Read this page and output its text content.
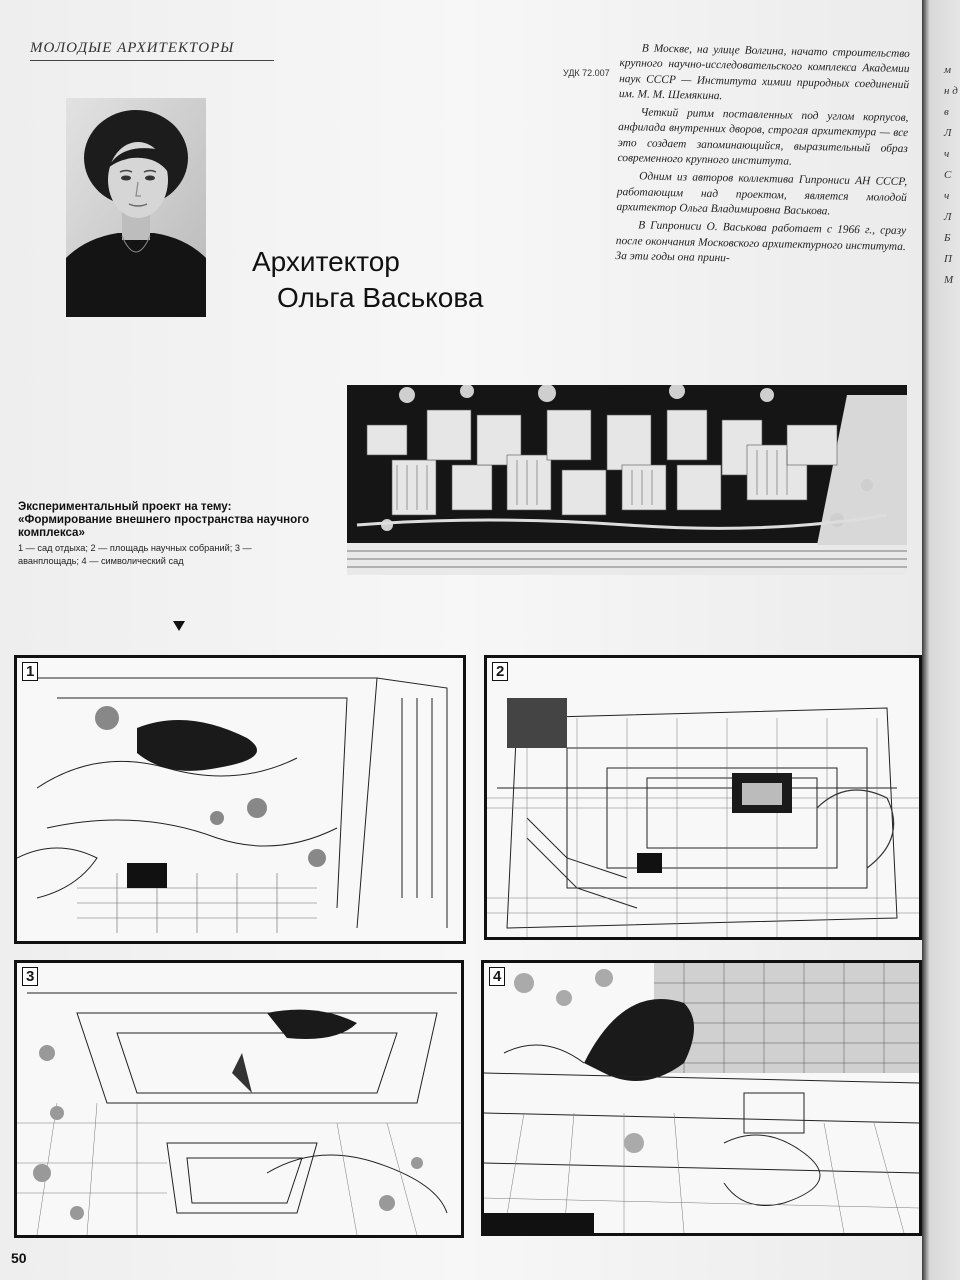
МОЛОДЫЕ АРХИТЕКТОРЫ
УДК 72.007
Архитектор
Ольга Васькова

В Москве, на улице Волгина, начато строительство крупного научно-исследовательского комплекса Академии наук СССР — Института химии природных соединений им. М. М. Шемякина.

Четкий ритм поставленных под углом корпусов, анфилада внутренних дворов, строгая архитектура — все это создает запоминающийся, выразительный образ современного крупного института.

Одним из авторов коллектива Гипрониси АН СССР, работающим над проектом, является молодой архитектор Ольга Владимировна Васькова.

В Гипрониси О. Васькова работает с 1966 г., сразу после окончания Московского архитектурного института. За эти годы она прини-

Экспериментальный проект на тему: «Формирование внешнего пространства научного комплекса»
1 — сад отдыха; 2 — площадь научных собраний; 3 — аванплощадь; 4 — символический сад
1	2
3	4
50
м н д в Л ч С ч Л Б П М
